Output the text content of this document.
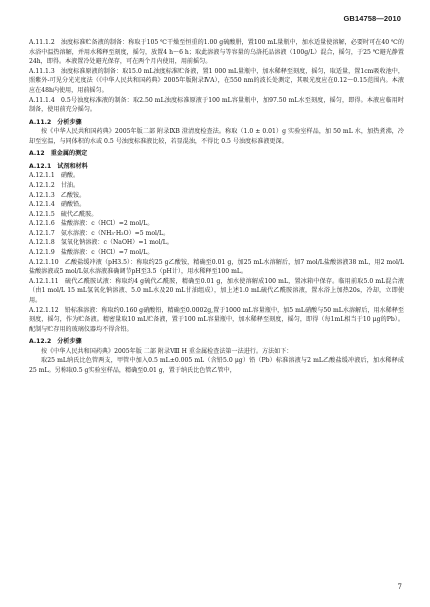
GB14758—2010

A.11.1.2　浊度标准贮备液的制备：称取于105 ℃干燥至恒重的1.00 g硫酸肼，置100 mL量瓶中，加水适量使溶解，必要时可在40 ℃的水浴中温热溶解，并用水稀释至刻度，摇匀，放置4 h～6 h；取此溶液与等容量的乌洛托品溶液（100g/L）混合，摇匀，于25 ℃避光静置24h，即得。本液置冷处避光保存，可在两个月内使用，用前摇匀。

A.11.1.3　浊度标准原液的制备：取15.0 mL浊度标准贮备液，置1 000 mL量瓶中，加水稀释至刻度，摇匀，取适量，置1cm吸收池中，照紫外-可见分光光度法（《中华人民共和国药典》2005年版附录ⅣA），在550 nm的波长处测定，其吸光度应在0.12～0.15范围内。本液应在48h内使用，用前摇匀。

A.11.1.4　0.5号浊度标准液的制备：取2.50 mL浊度标准原液于100 mL容量瓶中，加97.50 mL水至刻度，摇匀，即得。本液应临用时制备，使用前充分摇匀。

A.11.2　分析步骤

按《中华人民共和国药典》2005年版二部 附录ⅨB 澄清度检查法。称取（1.0 ± 0.01）g 实验室样品，加 50 mL 水，加热煮沸，冷却至室温，与同体积的水或 0.5 号浊度标准液比较，若显混浊，不得比 0.5 号浊度标准液更深。

A.12　重金属的测定

A.12.1　试剂和材料

A.12.1.1　硝酸。

A.12.1.2　甘油。

A.12.1.3　乙酸铵。

A.12.1.4　硝酸铅。

A.12.1.5　硫代乙酰胺。

A.12.1.6　盐酸溶液：c（HCl）=2 mol/L。

A.12.1.7　氨水溶液：c（NH₃·H₂O）=5 mol/L。

A.12.1.8　氢氧化钠溶液：c（NaOH）=1 mol/L。

A.12.1.9　盐酸溶液：c（HCl）=7 mol/L。

A.12.1.10　乙酸盐缓冲液（pH3.5）：称取约25 g乙酸铵，精确至0.01 g，加25 mL水溶解后，加7 mol/L盐酸溶液38 mL，用2 mol/L盐酸溶液或5 mol/L氨水溶液准确调节pH至3.5（pH计），用水稀释至100 mL。

A.12.1.11　硫代乙酰胺试液：称取约4 g硫代乙酰胺，精确至0.01 g，加水使溶解成100 mL，置冰箱中保存。临用前取5.0 mL混合液（由1 mol/L 15 mL氢氧化钠溶液、5.0 mL水及20 mL甘油组成），加上述1.0 mL硫代乙酰胺溶液，置水浴上加热20s，冷却，立即使用。

A.12.1.12　铅标准溶液：称取约0.160 g硝酸铅，精确至0.0002g,置于1000 mL容量瓶中，加5 mL硝酸与50 mL水溶解后，用水稀释至刻度，摇匀，作为贮备液。精密量取10 mL贮备液，置于100 mL容量瓶中，加水稀释至刻度，摇匀，即得（每1mL相当于10 μg的Pb）。配制与贮存用的玻璃仪器均不得含铅。

A.12.2　分析步骤

按《中华人民共和国药典》2005年版 二部 附录Ⅷ H 重金属检查法第一法进行。方法如下：

取25 mL纳氏比色管两支，甲管中加入0.5 mL±0.005 mL（含铅5.0 μg）铅（Pb）标准溶液与2 mL乙酸盐缓冲液后，加水稀释成25 mL。另称取0.5 g实验室样品，精确至0.01 g，置于纳氏比色管乙管中，

7
